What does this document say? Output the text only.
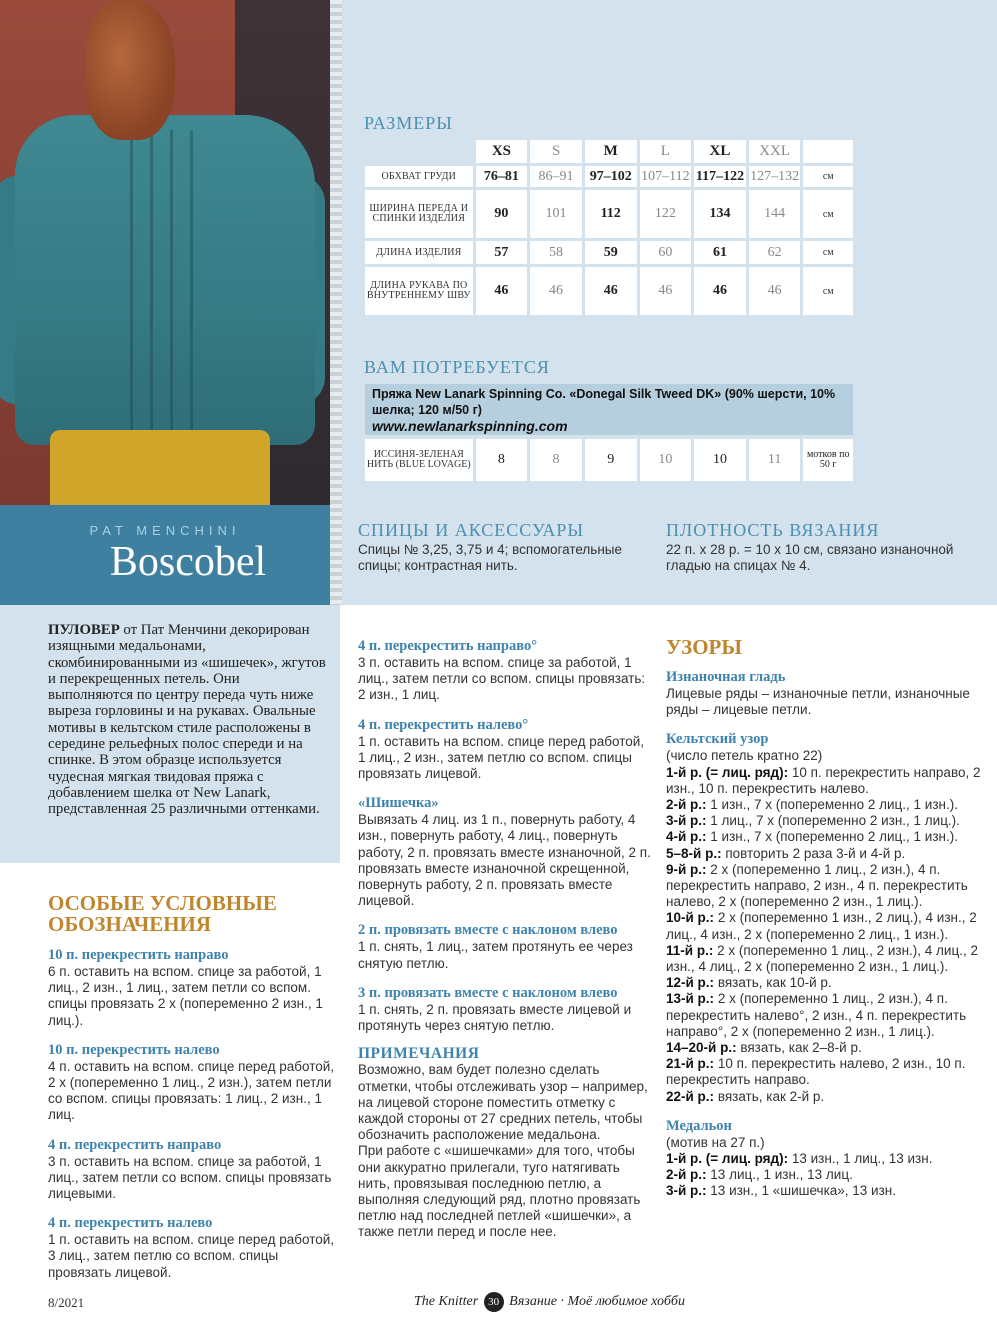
PAT MENCHINI
Boscobel
РАЗМЕРЫ
	XS	S	M	L	XL	XXL	
ОБХВАТ ГРУДИ	76–81	86–91	97–102	107–112	117–122	127–132	см
ШИРИНА ПЕРЕДА И СПИНКИ ИЗДЕЛИЯ	90	101	112	122	134	144	см
ДЛИНА ИЗДЕЛИЯ	57	58	59	60	61	62	см
ДЛИНА РУКАВА ПО ВНУТРЕННЕМУ ШВУ	46	46	46	46	46	46	см
ВАМ ПОТРЕБУЕТСЯ
Пряжа New Lanark Spinning Co. «Donegal Silk Tweed DK» (90% шерсти, 10% шелка; 120 м/50 г)
www.newlanarkspinning.com
ИССИНЯ-ЗЕЛЕНАЯ НИТЬ (BLUE LOVAGE)	8	8	9	10	10	11	мотков по 50 г
СПИЦЫ И АКСЕССУАРЫ
Спицы № 3,25, 3,75 и 4; вспомогательные спицы; контрастная нить.
ПЛОТНОСТЬ ВЯЗАНИЯ
22 п. х 28 р. = 10 х 10 см, связано изнаночной гладью на спицах № 4.
ПУЛОВЕР от Пат Менчини декорирован изящными медальонами, скомбинированными из «шишечек», жгутов и перекрещенных петель. Они выполняются по центру переда чуть ниже выреза горловины и на рукавах. Овальные мотивы в кельтском стиле расположены в середине рельефных полос спереди и на спинке. В этом образце используется чудесная мягкая твидовая пряжа с добавлением шелка от New Lanark, представленная 25 различными оттенками.
ОСОБЫЕ УСЛОВНЫЕ ОБОЗНАЧЕНИЯ
10 п. перекрестить направо
6 п. оставить на вспом. спице за работой, 1 лиц., 2 изн., 1 лиц., затем петли со вспом. спицы провязать 2 х (попеременно 2 изн., 1 лиц.).
10 п. перекрестить налево
4 п. оставить на вспом. спице перед работой, 2 х (попеременно 1 лиц., 2 изн.), затем петли со вспом. спицы провязать: 1 лиц., 2 изн., 1 лиц.
4 п. перекрестить направо
3 п. оставить на вспом. спице за работой, 1 лиц., затем петли со вспом. спицы провязать лицевыми.
4 п. перекрестить налево
1 п. оставить на вспом. спице перед работой, 3 лиц., затем петлю со вспом. спицы провязать лицевой.
4 п. перекрестить направо°
3 п. оставить на вспом. спице за работой, 1 лиц., затем петли со вспом. спицы провязать: 2 изн., 1 лиц.
4 п. перекрестить налево°
1 п. оставить на вспом. спице перед работой, 1 лиц., 2 изн., затем петлю со вспом. спицы провязать лицевой.
«Шишечка»
Вывязать 4 лиц. из 1 п., повернуть работу, 4 изн., повернуть работу, 4 лиц., повернуть работу, 2 п. провязать вместе изнаночной, 2 п. провязать вместе изнаночной скрещенной, повернуть работу, 2 п. провязать вместе лицевой.
2 п. провязать вместе с наклоном влево
1 п. снять, 1 лиц., затем протянуть ее через снятую петлю.
3 п. провязать вместе с наклоном влево
1 п. снять, 2 п. провязать вместе лицевой и протянуть через снятую петлю.
ПРИМЕЧАНИЯ
Возможно, вам будет полезно сделать отметки, чтобы отслеживать узор – например, на лицевой стороне поместить отметку с каждой стороны от 27 средних петель, чтобы обозначить расположение медальона.
При работе с «шишечками» для того, чтобы они аккуратно прилегали, туго натягивать нить, провязывая последнюю петлю, а выполняя следующий ряд, плотно провязать петлю над последней петлей «шишечки», а также петли перед и после нее.
УЗОРЫ
Изнаночная гладь
Лицевые ряды – изнаночные петли, изнаночные ряды – лицевые петли.
Кельтский узор
(число петель кратно 22)
1-й р. (= лиц. ряд): 10 п. перекрестить направо, 2 изн., 10 п. перекрестить налево.
2-й р.: 1 изн., 7 х (попеременно 2 лиц., 1 изн.).
3-й р.: 1 лиц., 7 х (попеременно 2 изн., 1 лиц.).
4-й р.: 1 изн., 7 х (попеременно 2 лиц., 1 изн.).
5–8-й р.: повторить 2 раза 3-й и 4-й р.
9-й р.: 2 х (попеременно 1 лиц., 2 изн.), 4 п. перекрестить направо, 2 изн., 4 п. перекрестить налево, 2 х (попеременно 2 изн., 1 лиц.).
10-й р.: 2 х (попеременно 1 изн., 2 лиц.), 4 изн., 2 лиц., 4 изн., 2 х (попеременно 2 лиц., 1 изн.).
11-й р.: 2 х (попеременно 1 лиц., 2 изн.), 4 лиц., 2 изн., 4 лиц., 2 х (попеременно 2 изн., 1 лиц.).
12-й р.: вязать, как 10-й р.
13-й р.: 2 х (попеременно 1 лиц., 2 изн.), 4 п. перекрестить налево°, 2 изн., 4 п. перекрестить направо°, 2 х (попеременно 2 изн., 1 лиц.).
14–20-й р.: вязать, как 2–8-й р.
21-й р.: 10 п. перекрестить налево, 2 изн., 10 п. перекрестить направо.
22-й р.: вязать, как 2-й р.
Медальон
(мотив на 27 п.)
1-й р. (= лиц. ряд): 13 изн., 1 лиц., 13 изн.
2-й р.: 13 лиц., 1 изн., 13 лиц.
3-й р.: 13 изн., 1 «шишечка», 13 изн.
8/2021	The Knitter 30 Вязание · Моё любимое хобби
